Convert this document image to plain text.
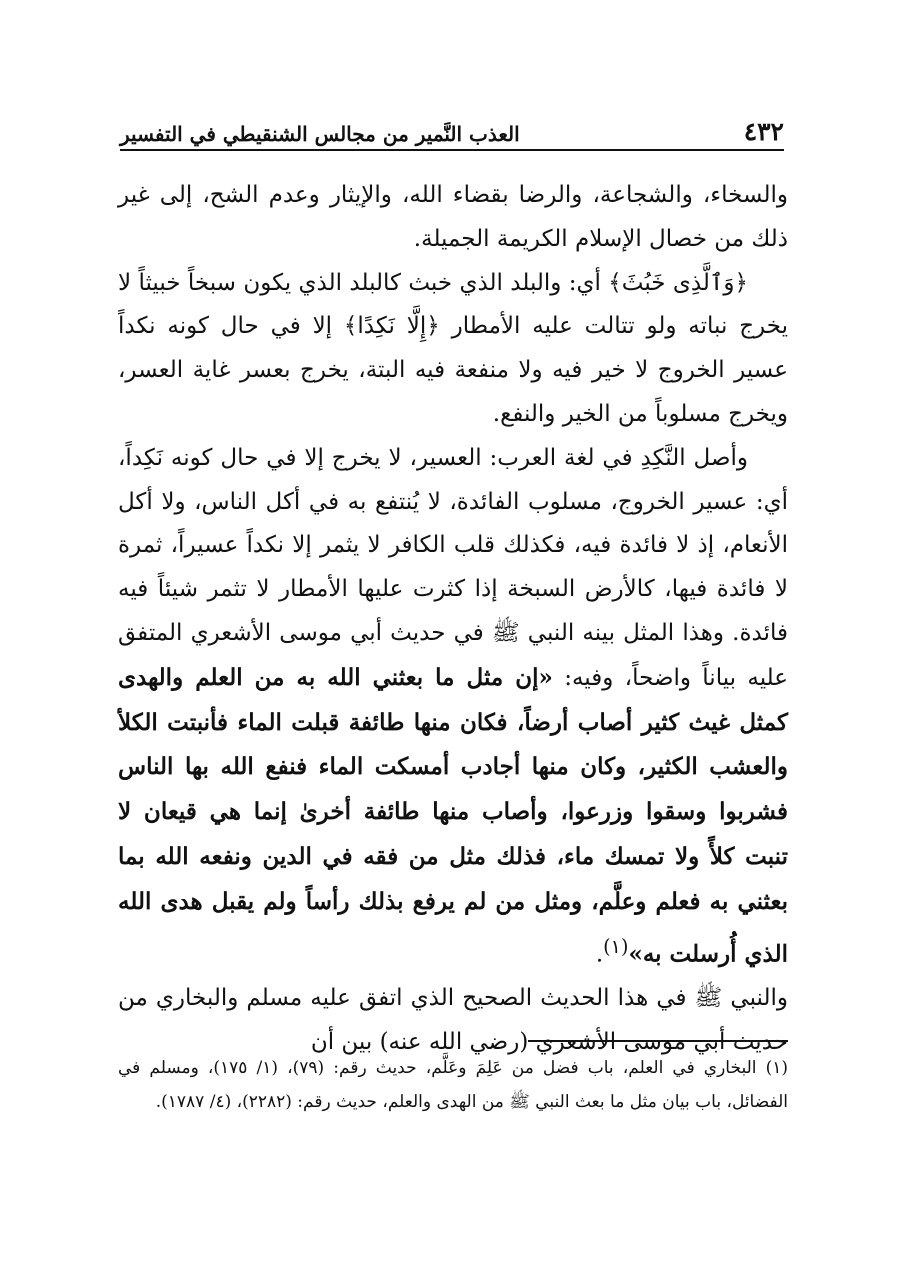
٤٣٢
العذب النَّمير من مجالس الشنقيطي في التفسير

والسخاء، والشجاعة، والرضا بقضاء الله، والإيثار وعدم الشح، إلى غير ذلك من خصال الإسلام الكريمة الجميلة.

﴿وَٱلَّذِى خَبُثَ﴾ أي: والبلد الذي خبث كالبلد الذي يكون سبخاً خبيثاً لا يخرج نباته ولو تتالت عليه الأمطار ﴿إِلَّا نَكِدًا﴾ إلا في حال كونه نكداً عسير الخروج لا خير فيه ولا منفعة فيه البتة، يخرج بعسر غاية العسر، ويخرج مسلوباً من الخير والنفع.

وأصل النَّكِدِ في لغة العرب: العسير، لا يخرج إلا في حال كونه نَكِداً، أي: عسير الخروج، مسلوب الفائدة، لا يُنتفع به في أكل الناس، ولا أكل الأنعام، إذ لا فائدة فيه، فكذلك قلب الكافر لا يثمر إلا نكداً عسيراً، ثمرة لا فائدة فيها، كالأرض السبخة إذا كثرت عليها الأمطار لا تثمر شيئاً فيه فائدة. وهذا المثل بينه النبي ﷺ في حديث أبي موسى الأشعري المتفق عليه بياناً واضحاً، وفيه: «إن مثل ما بعثني الله به من العلم والهدى كمثل غيث كثير أصاب أرضاً، فكان منها طائفة قبلت الماء فأنبتت الكلأ والعشب الكثير، وكان منها أجادب أمسكت الماء فنفع الله بها الناس فشربوا وسقوا وزرعوا، وأصاب منها طائفة أخرىٰ إنما هي قيعان لا تنبت كلأً ولا تمسك ماء، فذلك مثل من فقه في الدين ونفعه الله بما بعثني به فعلم وعلَّم، ومثل من لم يرفع بذلك رأساً ولم يقبل هدى الله الذي أُرسلت به»$^{(١)}$.

والنبي ﷺ في هذا الحديث الصحيح الذي اتفق عليه مسلم والبخاري من حديث أبي موسى الأشعري (رضي الله عنه) بين أن

(١) البخاري في العلم، باب فضل من عَلِمَ وعَلَّم، حديث رقم: (٧٩)، (١/ ١٧٥)، ومسلم في الفضائل، باب بيان مثل ما بعث النبي ﷺ من الهدى والعلم، حديث رقم: (٢٢٨٢)، (٤/ ١٧٨٧).
